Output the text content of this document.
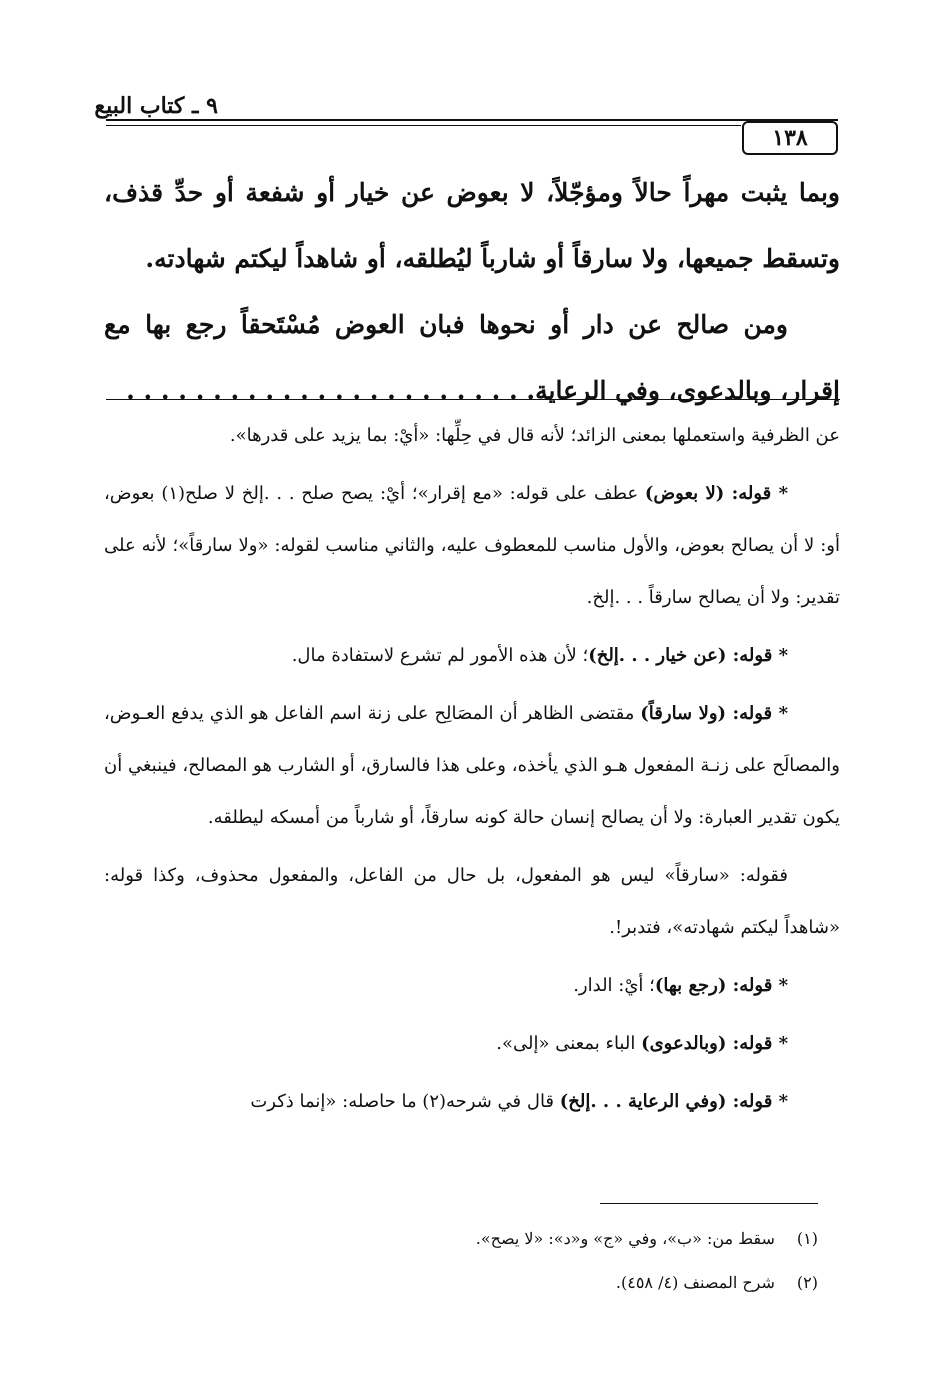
٩ ـ كتاب البيع
١٣٨

وبما يثبت مهراً حالاً ومؤجّلاً، لا بعوض عن خيار أو شفعة أو حدِّ قذف، وتسقط جميعها، ولا سارقاً أو شارباً ليُطلقه، أو شاهداً ليكتم شهادته.

ومن صالح عن دار أو نحوها فبان العوض مُسْتَحقاً رجع بها مع إقرار، وبالدعوى، وفي الرعاية. . . . . . . . . . . . . . . . . . . . . . . .

عن الظرفية واستعملها بمعنى الزائد؛ لأنه قال في حِلِّها: «أيْ: بما يزيد على قدرها».

* قوله: (لا بعوض) عطف على قوله: «مع إقرار»؛ أيْ: يصح صلح . . .إلخ لا صلح(١) بعوض، أو: لا أن يصالح بعوض، والأول مناسب للمعطوف عليه، والثاني مناسب لقوله: «ولا سارقاً»؛ لأنه على تقدير: ولا أن يصالح سارقاً . . .إلخ.

* قوله: (عن خيار . . .إلخ)؛ لأن هذه الأمور لم تشرع لاستفادة مال.

* قوله: (ولا سارقاً) مقتضى الظاهر أن المصَالِح على زنة اسم الفاعل هو الذي يدفع العـوض، والمصالَح على زنـة المفعول هـو الذي يأخذه، وعلى هذا فالسارق، أو الشارب هو المصالح، فينبغي أن يكون تقدير العبارة: ولا أن يصالح إنسان حالة كونه سارقاً، أو شارباً من أمسكه ليطلقه.

فقوله: «سارقاً» ليس هو المفعول، بل حال من الفاعل، والمفعول محذوف، وكذا قوله: «شاهداً ليكتم شهادته»، فتدبر!.

* قوله: (رجع بها)؛ أيْ: الدار.

* قوله: (وبالدعوى) الباء بمعنى «إلى».

* قوله: (وفي الرعاية . . .إلخ) قال في شرحه(٢) ما حاصله: «إنما ذكرت

(١) سقط من: «ب»، وفي «ج» و«د»: «لا يصح».
(٢) شرح المصنف (٤/ ٤٥٨).
